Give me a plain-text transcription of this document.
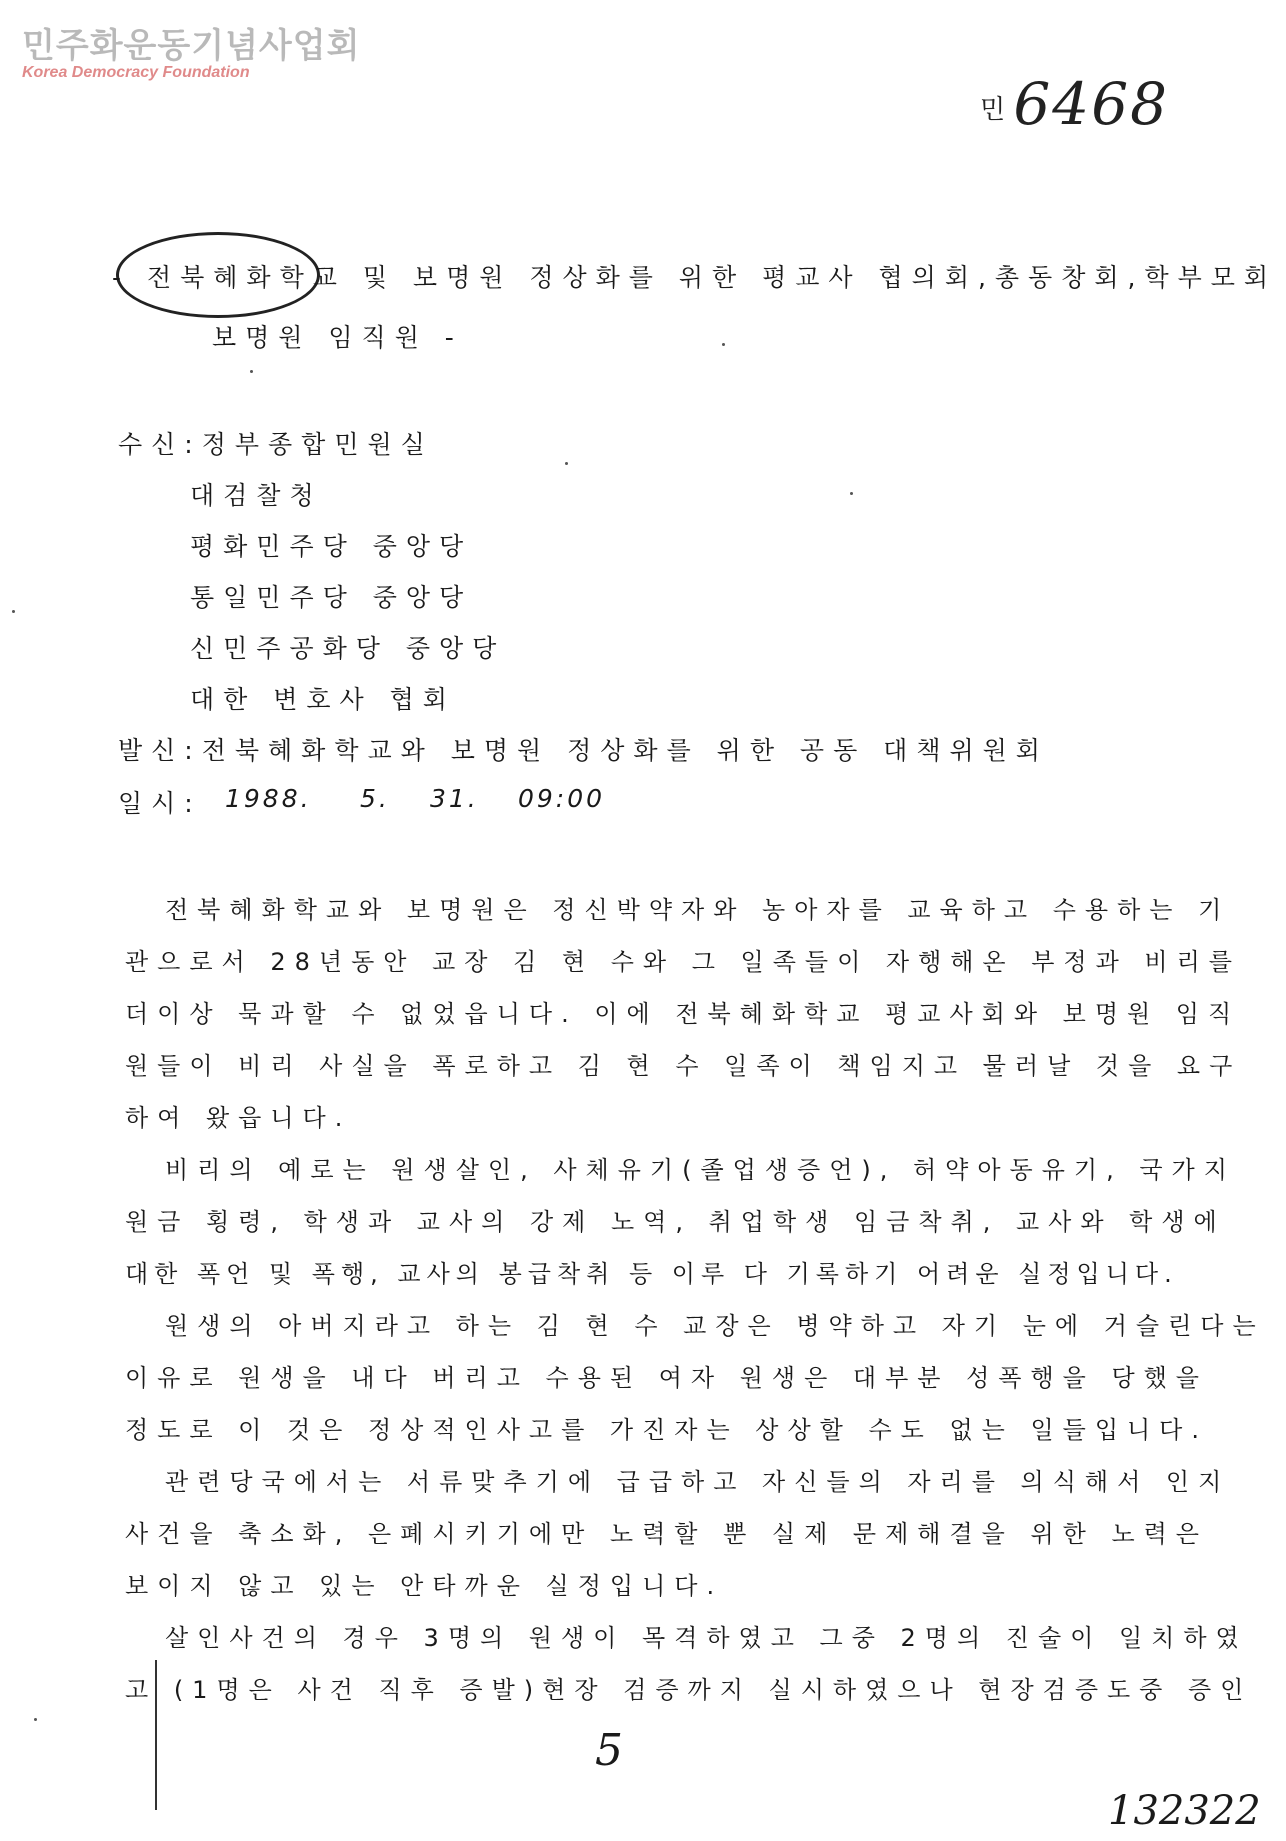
민주화운동기념사업회
Korea Democracy Foundation
민 6468
- 전북혜화학교 및 보명원 정상화를 위한 평교사 협의회,총동창회,학부모회
보명원 임직원 -
수신:정부종합민원실
대검찰청
평화민주당 중앙당
통일민주당 중앙당
신민주공화당 중앙당
대한 변호사 협회
발신:전북혜화학교와 보명원 정상화를 위한 공동 대책위원회
일시: 1988. 5. 31. 09:00
전북혜화학교와 보명원은 정신박약자와 농아자를 교육하고 수용하는 기
관으로서 28년동안 교장 김 현 수와 그 일족들이 자행해온 부정과 비리를
더이상 묵과할 수 없었읍니다. 이에 전북혜화학교 평교사회와 보명원 임직
원들이 비리 사실을 폭로하고 김 현 수 일족이 책임지고 물러날 것을 요구
하여 왔읍니다.
비리의 예로는 원생살인, 사체유기(졸업생증언), 허약아동유기, 국가지
원금 횡령, 학생과 교사의 강제 노역, 취업학생 임금착취, 교사와 학생에
대한 폭언 및 폭행, 교사의 봉급착취 등 이루 다 기록하기 어려운 실정입니다.
원생의 아버지라고 하는 김 현 수 교장은 병약하고 자기 눈에 거슬린다는
이유로 원생을 내다 버리고 수용된 여자 원생은 대부분 성폭행을 당했을
정도로 이 것은 정상적인사고를 가진자는 상상할 수도 없는 일들입니다.
관련당국에서는 서류맞추기에 급급하고 자신들의 자리를 의식해서 인지
사건을 축소화, 은폐시키기에만 노력할 뿐 실제 문제해결을 위한 노력은
보이지 않고 있는 안타까운 실정입니다.
살인사건의 경우 3명의 원생이 목격하였고 그중 2명의 진술이 일치하였
고 (1명은 사건 직후 증발)현장 검증까지 실시하였으나 현장검증도중 증인
5
132322
